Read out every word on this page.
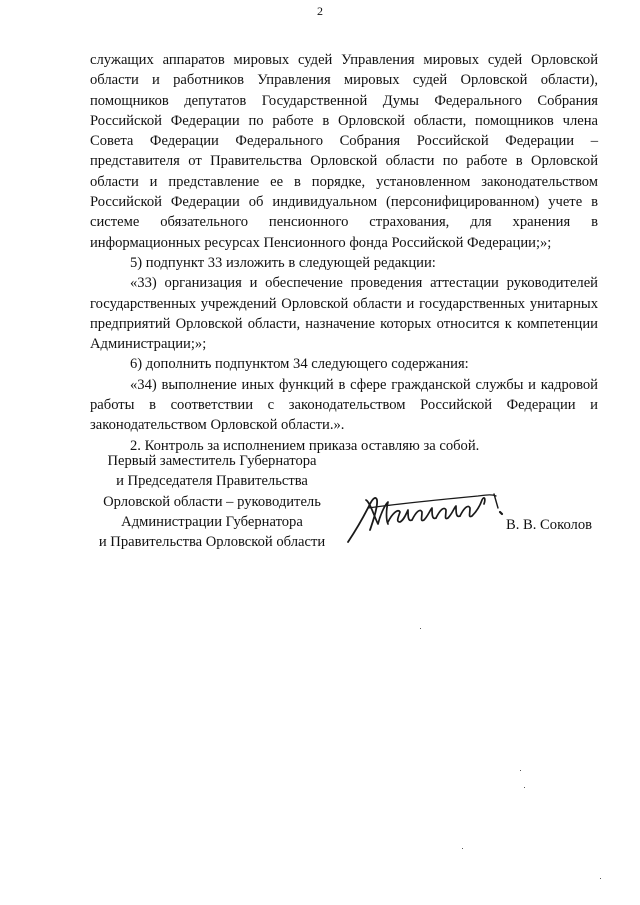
2

служащих аппаратов мировых судей Управления мировых судей Орловской области и работников Управления мировых судей Орловской области), помощников депутатов Государственной Думы Федерального Собрания Российской Федерации по работе в Орловской области, помощников члена Совета Федерации Федерального Собрания Российской Федерации – представителя от Правительства Орловской области по работе в Орловской области и представление ее в порядке, установленном законодательством Российской Федерации об индивидуальном (персонифицированном) учете в системе обязательного пенсионного страхования, для хранения в информационных ресурсах Пенсионного фонда Российской Федерации;»;

5) подпункт 33 изложить в следующей редакции:

«33) организация и обеспечение проведения аттестации руководителей государственных учреждений Орловской области и государственных унитарных предприятий Орловской области, назначение которых относится к компетенции Администрации;»;

6) дополнить подпунктом 34 следующего содержания:

«34) выполнение иных функций в сфере гражданской службы и кадровой работы в соответствии с законодательством Российской Федерации и законодательством Орловской области.».

2. Контроль за исполнением приказа оставляю за собой.

Первый заместитель Губернатора
и Председателя Правительства
Орловской области – руководитель
Администрации Губернатора
и Правительства Орловской области
В. В. Соколов
